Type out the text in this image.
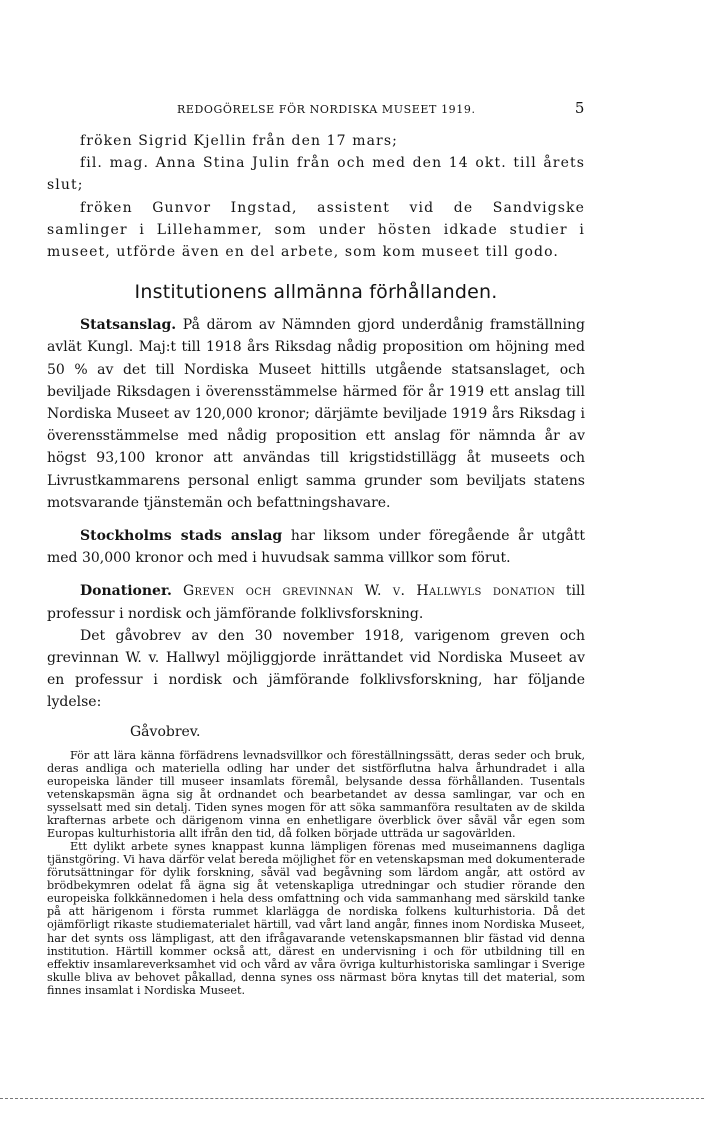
REDOGÖRELSE FÖR NORDISKA MUSEET 1919.	5

fröken Sigrid Kjellin från den 17 mars;

fil. mag. Anna Stina Julin från och med den 14 okt. till årets slut;

fröken Gunvor Ingstad, assistent vid de Sandvigske samlinger i Lillehammer, som under hösten idkade studier i museet, utförde även en del arbete, som kom museet till godo.

Institutionens allmänna förhållanden.

Statsanslag. På därom av Nämnden gjord underdånig framställning avlät Kungl. Maj:t till 1918 års Riksdag nådig proposition om höjning med 50 % av det till Nordiska Museet hittills utgående statsanslaget, och beviljade Riksdagen i överensstämmelse härmed för år 1919 ett anslag till Nordiska Museet av 120,000 kronor; därjämte beviljade 1919 års Riksdag i överensstämmelse med nådig proposition ett anslag för nämnda år av högst 93,100 kronor att användas till krigstidstillägg åt museets och Livrustkammarens personal enligt samma grunder som beviljats statens motsvarande tjänstemän och befattningshavare.

Stockholms stads anslag har liksom under föregående år utgått med 30,000 kronor och med i huvudsak samma villkor som förut.

Donationer. Greven och grevinnan W. v. Hallwyls donation till professur i nordisk och jämförande folklivsforskning.

Det gåvobrev av den 30 november 1918, varigenom greven och grevinnan W. v. Hallwyl möjliggjorde inrättandet vid Nordiska Museet av en professur i nordisk och jämförande folklivsforskning, har följande lydelse:

Gåvobrev.

För att lära känna förfädrens levnadsvillkor och föreställningssätt, deras seder och bruk, deras andliga och materiella odling har under det sistförflutna halva århundradet i alla europeiska länder till museer insamlats föremål, belysande dessa förhållanden. Tusentals vetenskapsmän ägna sig åt ordnandet och bearbetandet av dessa samlingar, var och en sysselsatt med sin detalj. Tiden synes mogen för att söka sammanföra resultaten av de skilda krafternas arbete och därigenom vinna en enhetligare överblick över såväl vår egen som Europas kulturhistoria allt ifrån den tid, då folken började utträda ur sagovärlden.

Ett dylikt arbete synes knappast kunna lämpligen förenas med museimannens dagliga tjänstgöring. Vi hava därför velat bereda möjlighet för en vetenskapsman med dokumenterade förutsättningar för dylik forskning, såväl vad begåvning som lärdom angår, att ostörd av brödbekymren odelat få ägna sig åt vetenskapliga utredningar och studier rörande den europeiska folkkännedomen i hela dess omfattning och vida sammanhang med särskild tanke på att härigenom i första rummet klarlägga de nordiska folkens kulturhistoria. Då det ojämförligt rikaste studiematerialet härtill, vad vårt land angår, finnes inom Nordiska Museet, har det synts oss lämpligast, att den ifrågavarande vetenskapsmannen blir fästad vid denna institution. Härtill kommer också att, därest en undervisning i och för utbildning till en effektiv insamlareverksamhet vid och vård av våra övriga kulturhistoriska samlingar i Sverige skulle bliva av behovet påkallad, denna synes oss närmast böra knytas till det material, som finnes insamlat i Nordiska Museet.
